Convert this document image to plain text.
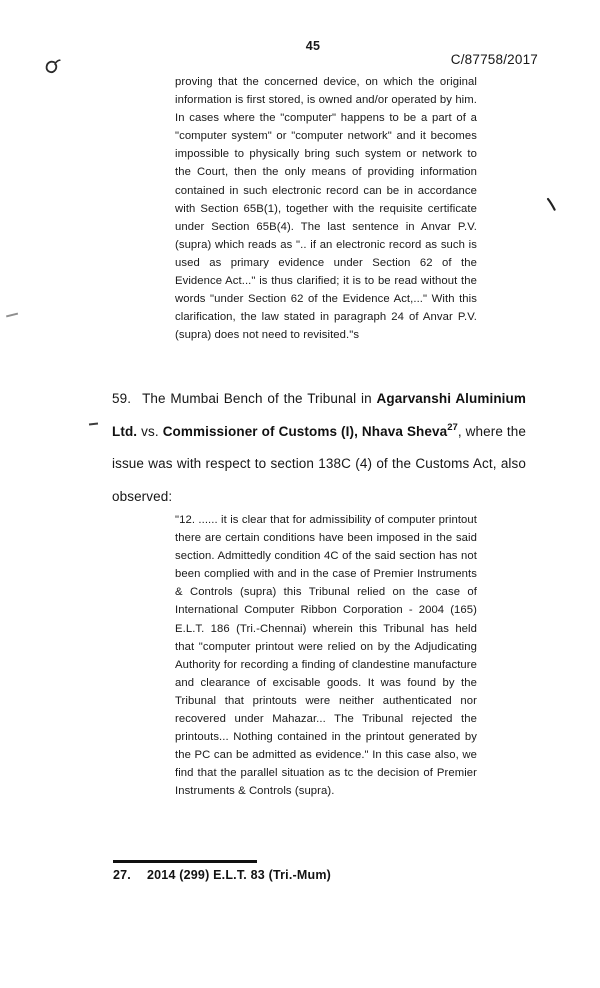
45
C/87758/2017
proving that the concerned device, on which the original information is first stored, is owned and/or operated by him. In cases where the "computer" happens to be a part of a "computer system" or "computer network" and it becomes impossible to physically bring such system or network to the Court, then the only means of providing information contained in such electronic record can be in accordance with Section 65B(1), together with the requisite certificate under Section 65B(4). The last sentence in Anvar P.V. (supra) which reads as ".. if an electronic record as such is used as primary evidence under Section 62 of the Evidence Act..." is thus clarified; it is to be read without the words "under Section 62 of the Evidence Act,..." With this clarification, the law stated in paragraph 24 of Anvar P.V. (supra) does not need to revisited."s
59. The Mumbai Bench of the Tribunal in Agarvanshi Aluminium Ltd. vs. Commissioner of Customs (I), Nhava Sheva$^{27}$, where the issue was with respect to section 138C (4) of the Customs Act, also observed:
"12. ...... it is clear that for admissibility of computer printout there are certain conditions have been imposed in the said section. Admittedly condition 4C of the said section has not been complied with and in the case of Premier Instruments & Controls (supra) this Tribunal relied on the case of International Computer Ribbon Corporation - 2004 (165) E.L.T. 186 (Tri.-Chennai) wherein this Tribunal has held that "computer printout were relied on by the Adjudicating Authority for recording a finding of clandestine manufacture and clearance of excisable goods. It was found by the Tribunal that printouts were neither authenticated nor recovered under Mahazar... The Tribunal rejected the printouts... Nothing contained in the printout generated by the PC can be admitted as evidence." In this case also, we find that the parallel situation as tc the decision of Premier Instruments & Controls (supra).
27. 2014 (299) E.L.T. 83 (Tri.-Mum)
